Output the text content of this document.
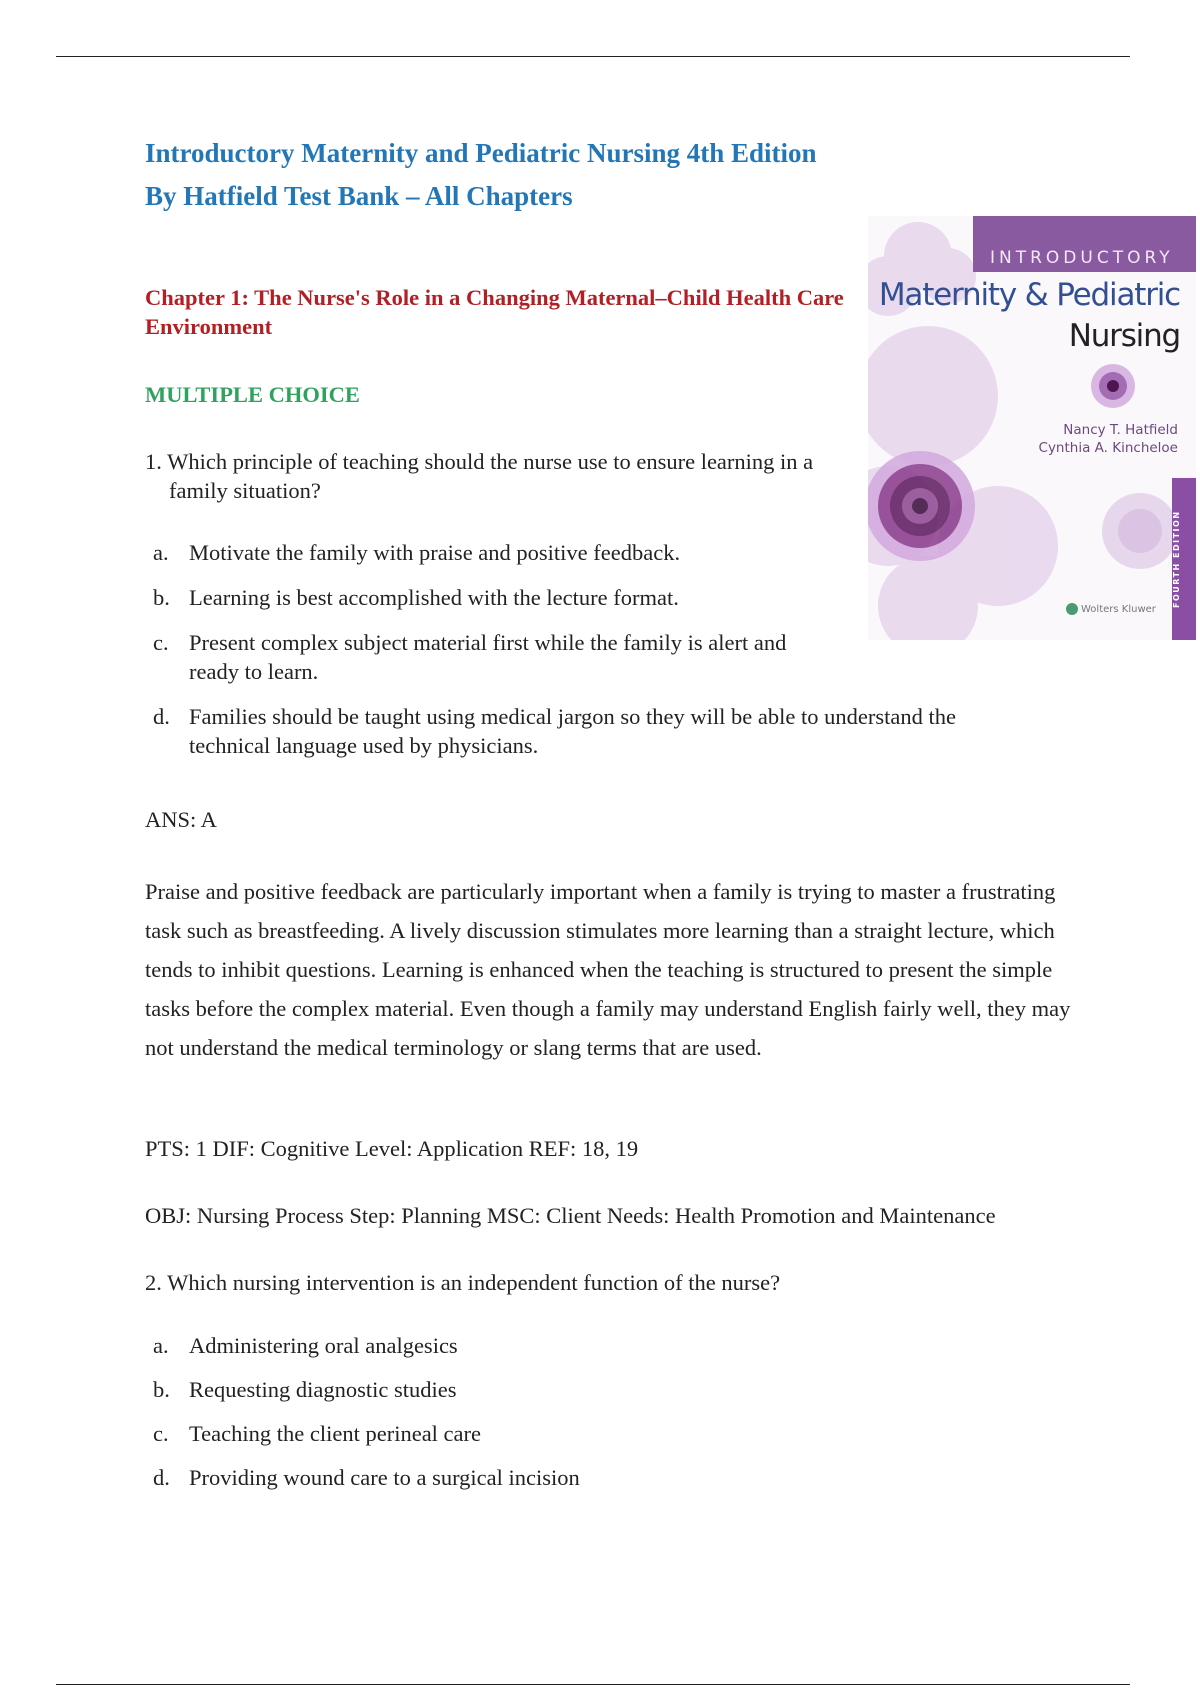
Introductory Maternity and Pediatric Nursing 4th Edition
By Hatfield Test Bank – All Chapters
Chapter 1: The Nurse's Role in a Changing Maternal–Child Health Care Environment
MULTIPLE CHOICE

1. Which principle of teaching should the nurse use to ensure learning in a family situation?

a. Motivate the family with praise and positive feedback.
b. Learning is best accomplished with the lecture format.
c. Present complex subject material first while the family is alert and ready to learn.
d. Families should be taught using medical jargon so they will be able to understand the technical language used by physicians.

ANS: A

Praise and positive feedback are particularly important when a family is trying to master a frustrating task such as breastfeeding. A lively discussion stimulates more learning than a straight lecture, which tends to inhibit questions. Learning is enhanced when the teaching is structured to present the simple tasks before the complex material. Even though a family may understand English fairly well, they may not understand the medical terminology or slang terms that are used.

PTS: 1 DIF: Cognitive Level: Application REF: 18, 19

OBJ: Nursing Process Step: Planning MSC: Client Needs: Health Promotion and Maintenance

2. Which nursing intervention is an independent function of the nurse?

a. Administering oral analgesics
b. Requesting diagnostic studies
c. Teaching the client perineal care
d. Providing wound care to a surgical incision

INTRODUCTORY

Maternity & Pediatric

Nursing

Nancy T. Hatfield
Cynthia A. Kincheloe

FOURTH EDITION

Wolters Kluwer
